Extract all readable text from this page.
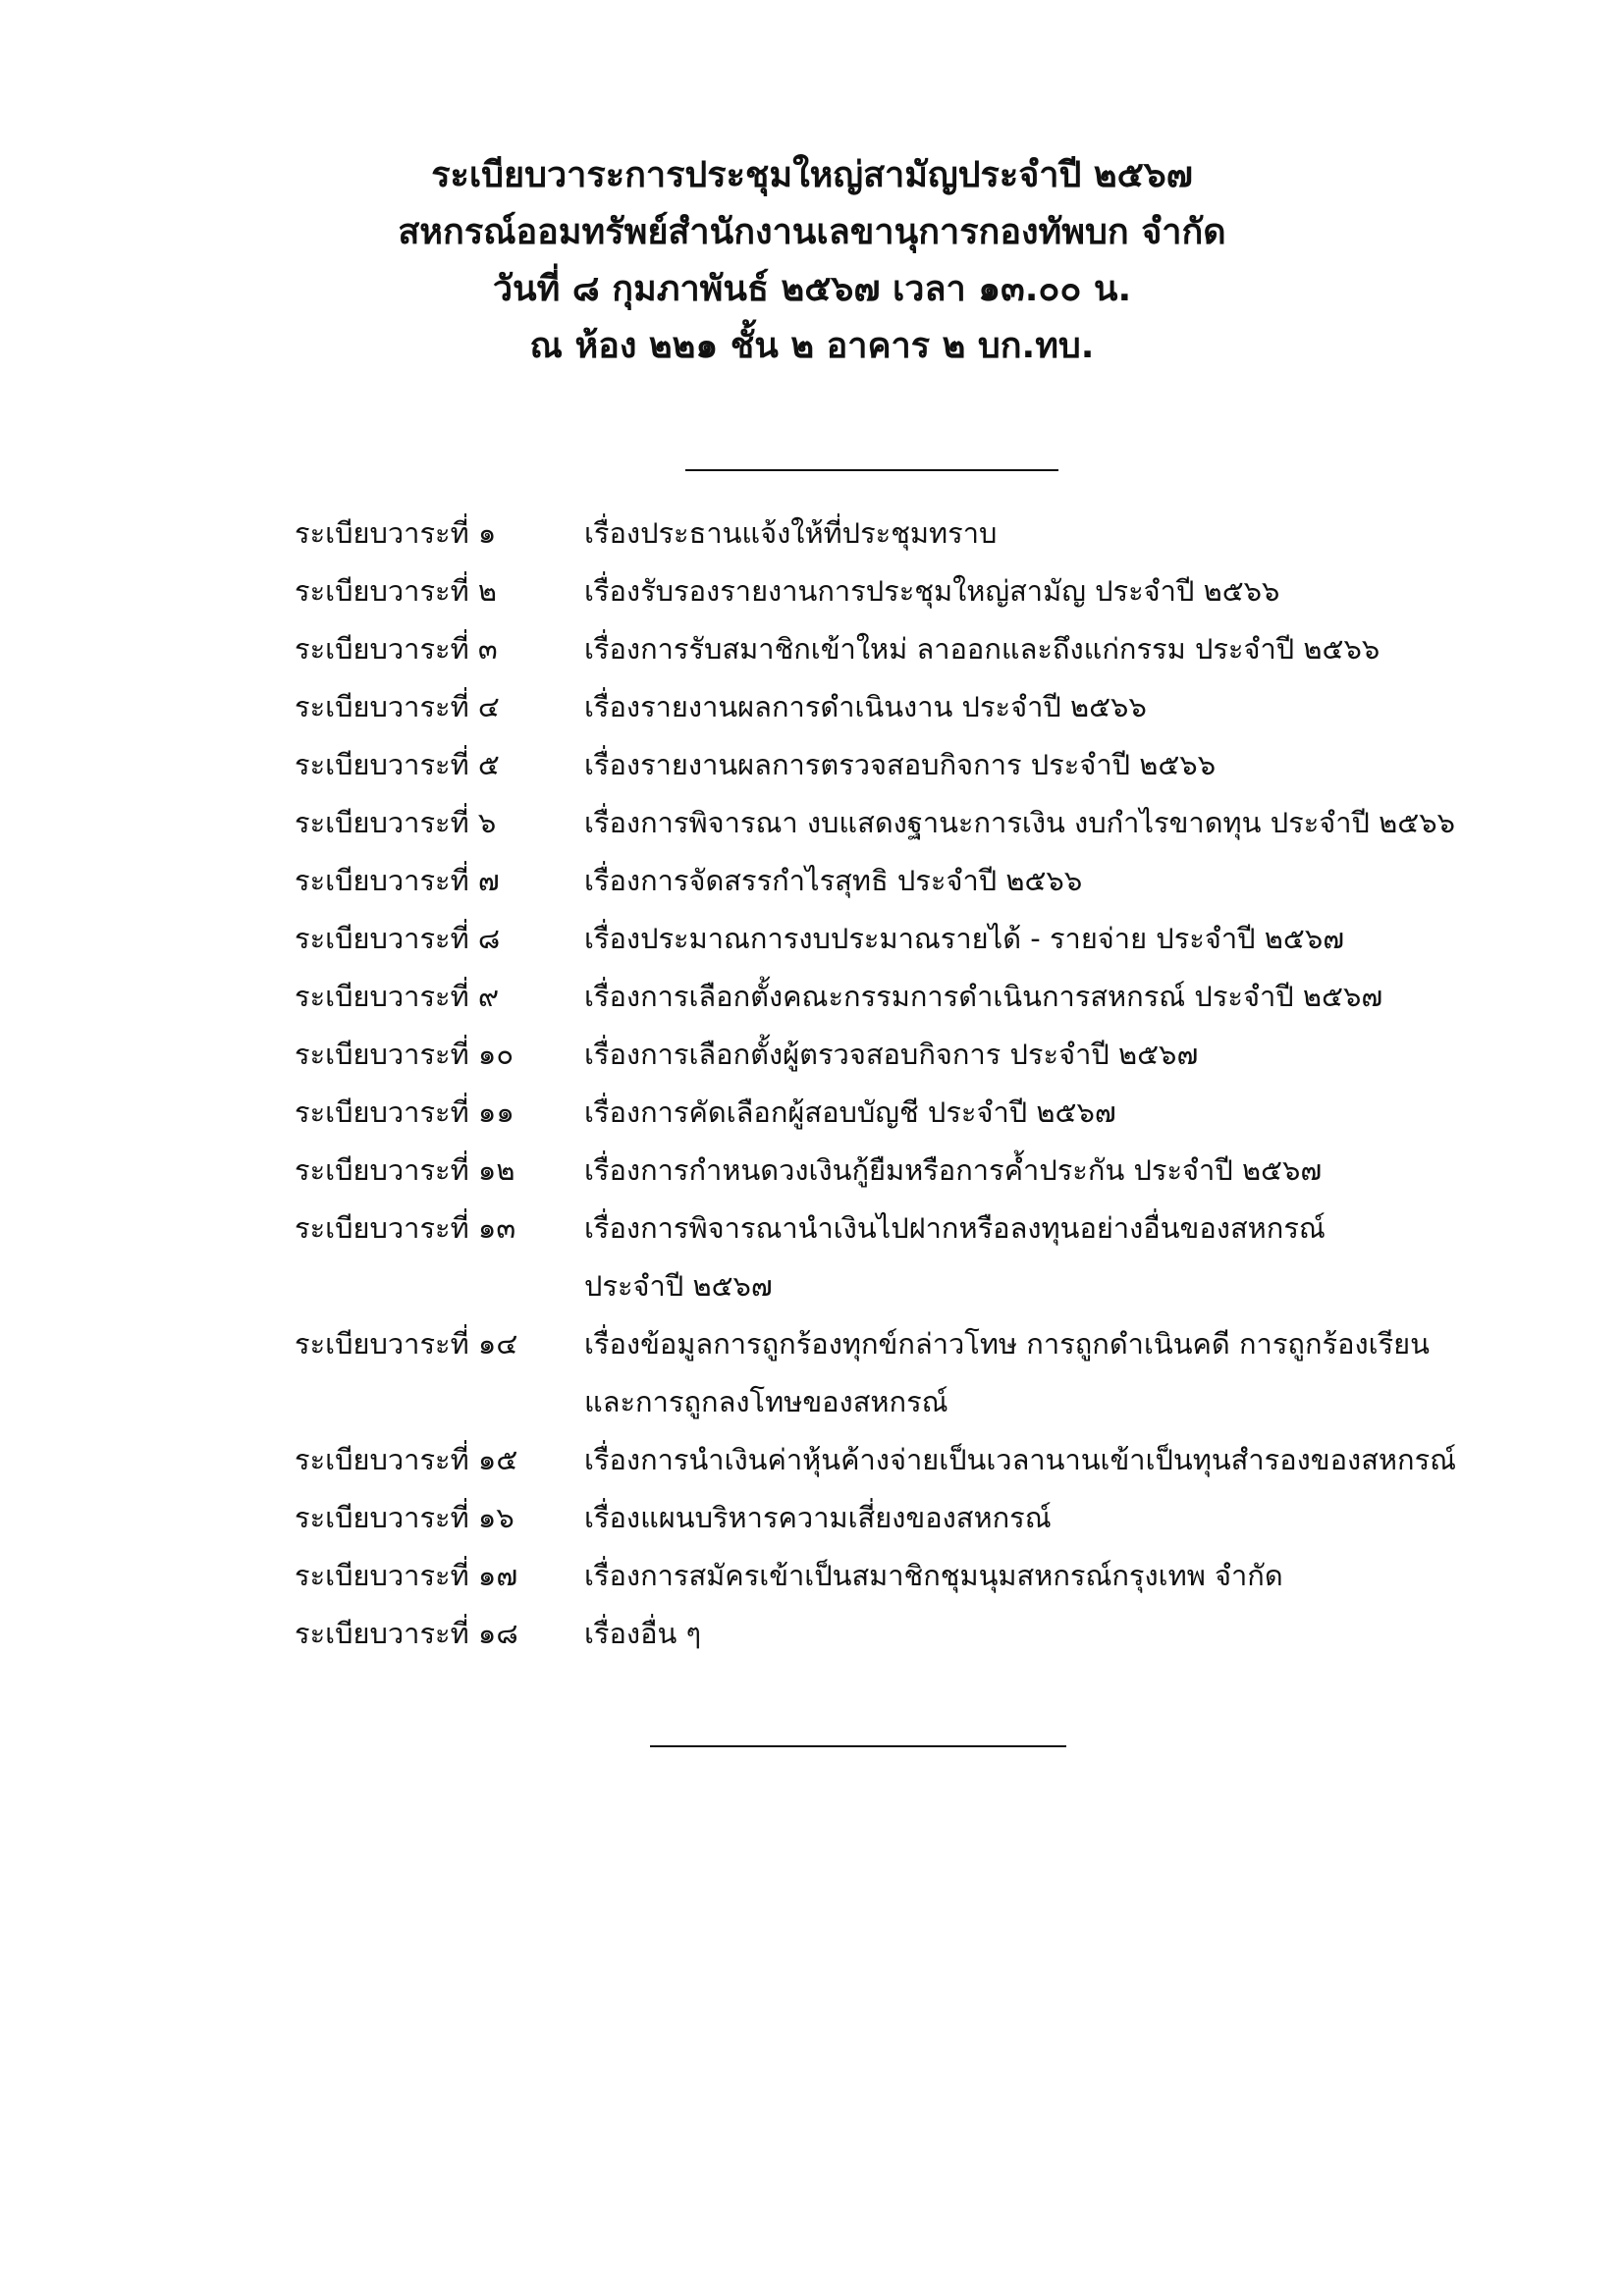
ระเบียบวาระการประชุมใหญ่สามัญประจำปี ๒๕๖๗
สหกรณ์ออมทรัพย์สำนักงานเลขานุการกองทัพบก จำกัด
วันที่ ๘ กุมภาพันธ์ ๒๕๖๗ เวลา ๑๓.๐๐ น.
ณ ห้อง ๒๒๑ ชั้น ๒ อาคาร ๒ บก.ทบ.
ระเบียบวาระที่ ๑	เรื่องประธานแจ้งให้ที่ประชุมทราบ
ระเบียบวาระที่ ๒	เรื่องรับรองรายงานการประชุมใหญ่สามัญ ประจำปี ๒๕๖๖
ระเบียบวาระที่ ๓	เรื่องการรับสมาชิกเข้าใหม่ ลาออกและถึงแก่กรรม ประจำปี ๒๕๖๖
ระเบียบวาระที่ ๔	เรื่องรายงานผลการดำเนินงาน ประจำปี ๒๕๖๖
ระเบียบวาระที่ ๕	เรื่องรายงานผลการตรวจสอบกิจการ ประจำปี ๒๕๖๖
ระเบียบวาระที่ ๖	เรื่องการพิจารณา งบแสดงฐานะการเงิน งบกำไรขาดทุน ประจำปี ๒๕๖๖
ระเบียบวาระที่ ๗	เรื่องการจัดสรรกำไรสุทธิ ประจำปี ๒๕๖๖
ระเบียบวาระที่ ๘	เรื่องประมาณการงบประมาณรายได้ - รายจ่าย ประจำปี ๒๕๖๗
ระเบียบวาระที่ ๙	เรื่องการเลือกตั้งคณะกรรมการดำเนินการสหกรณ์ ประจำปี ๒๕๖๗
ระเบียบวาระที่ ๑๐	เรื่องการเลือกตั้งผู้ตรวจสอบกิจการ ประจำปี ๒๕๖๗
ระเบียบวาระที่ ๑๑	เรื่องการคัดเลือกผู้สอบบัญชี ประจำปี ๒๕๖๗
ระเบียบวาระที่ ๑๒	เรื่องการกำหนดวงเงินกู้ยืมหรือการค้ำประกัน ประจำปี ๒๕๖๗
ระเบียบวาระที่ ๑๓	เรื่องการพิจารณานำเงินไปฝากหรือลงทุนอย่างอื่นของสหกรณ์
ประจำปี ๒๕๖๗
ระเบียบวาระที่ ๑๔	เรื่องข้อมูลการถูกร้องทุกข์กล่าวโทษ การถูกดำเนินคดี การถูกร้องเรียน
และการถูกลงโทษของสหกรณ์
ระเบียบวาระที่ ๑๕	เรื่องการนำเงินค่าหุ้นค้างจ่ายเป็นเวลานานเข้าเป็นทุนสำรองของสหกรณ์
ระเบียบวาระที่ ๑๖	เรื่องแผนบริหารความเสี่ยงของสหกรณ์
ระเบียบวาระที่ ๑๗	เรื่องการสมัครเข้าเป็นสมาชิกชุมนุมสหกรณ์กรุงเทพ จำกัด
ระเบียบวาระที่ ๑๘	เรื่องอื่น ๆ
